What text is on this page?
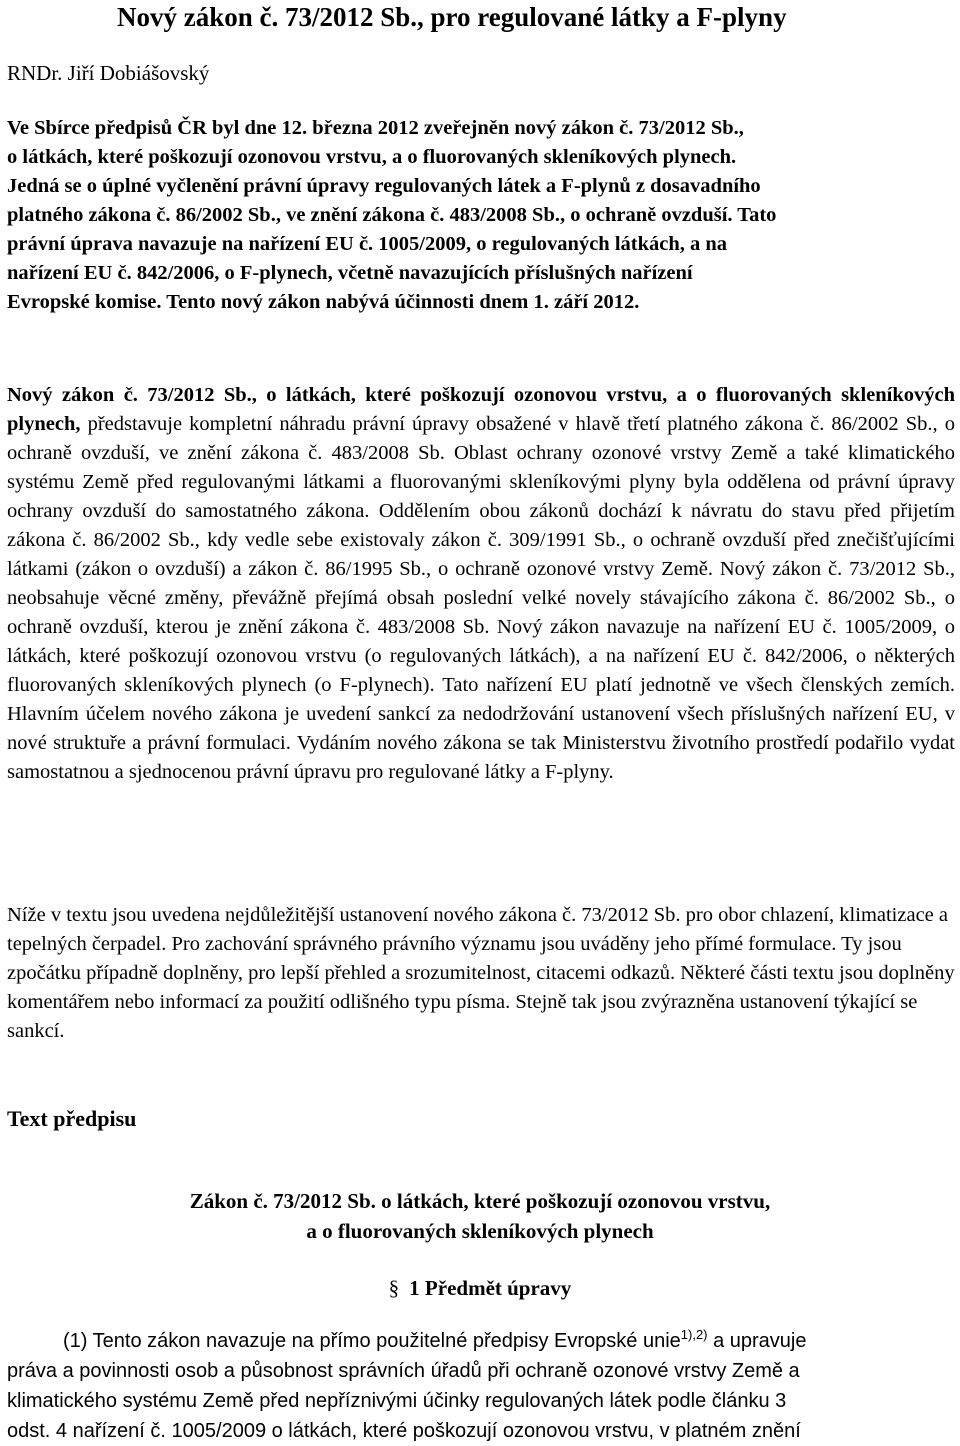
Nový zákon č. 73/2012 Sb., pro regulované látky a F-plyny
RNDr. Jiří Dobiášovský
Ve Sbírce předpisů ČR byl dne 12. března 2012 zveřejněn nový zákon č. 73/2012 Sb.,
o látkách, které poškozují ozonovou vrstvu, a o fluorovaných skleníkových plynech.
Jedná se o úplné vyčlenění právní úpravy regulovaných látek a F-plynů z dosavadního
platného zákona č. 86/2002 Sb., ve znění zákona č. 483/2008 Sb., o ochraně ovzduší. Tato
právní úprava navazuje na nařízení EU č. 1005/2009, o regulovaných látkách, a na
nařízení EU č. 842/2006, o F-plynech, včetně navazujících příslušných nařízení
Evropské komise. Tento nový zákon nabývá účinnosti dnem 1. září 2012.
Nový zákon č. 73/2012 Sb., o látkách, které poškozují ozonovou vrstvu, a o fluorovaných skleníkových plynech, představuje kompletní náhradu právní úpravy obsažené v hlavě třetí platného zákona č. 86/2002 Sb., o ochraně ovzduší, ve znění zákona č. 483/2008 Sb. Oblast ochrany ozonové vrstvy Země a také klimatického systému Země před regulovanými látkami a fluorovanými skleníkovými plyny byla oddělena od právní úpravy ochrany ovzduší do samostatného zákona. Oddělením obou zákonů dochází k návratu do stavu před přijetím zákona č. 86/2002 Sb., kdy vedle sebe existovaly zákon č. 309/1991 Sb., o ochraně ovzduší před znečišťujícími látkami (zákon o ovzduší) a zákon č. 86/1995 Sb., o ochraně ozonové vrstvy Země. Nový zákon č. 73/2012 Sb., neobsahuje věcné změny, převážně přejímá obsah poslední velké novely stávajícího zákona č. 86/2002 Sb., o ochraně ovzduší, kterou je znění zákona č. 483/2008 Sb. Nový zákon navazuje na nařízení EU č. 1005/2009, o látkách, které poškozují ozonovou vrstvu (o regulovaných látkách), a na nařízení EU č. 842/2006, o některých fluorovaných skleníkových plynech (o F-plynech). Tato nařízení EU platí jednotně ve všech členských zemích. Hlavním účelem nového zákona je uvedení sankcí za nedodržování ustanovení všech příslušných nařízení EU, v nové struktuře a právní formulaci. Vydáním nového zákona se tak Ministerstvu životního prostředí podařilo vydat samostatnou a sjednocenou právní úpravu pro regulované látky a F-plyny.
Níže v textu jsou uvedena nejdůležitější ustanovení nového zákona č. 73/2012 Sb. pro obor chlazení, klimatizace a tepelných čerpadel. Pro zachování správného právního významu jsou uváděny jeho přímé formulace. Ty jsou zpočátku případně doplněny, pro lepší přehled a srozumitelnost, citacemi odkazů. Některé části textu jsou doplněny komentářem nebo informací za použití odlišného typu písma. Stejně tak jsou zvýrazněna ustanovení týkající se sankcí.
Text předpisu
Zákon č. 73/2012 Sb. o látkách, které poškozují ozonovou vrstvu,
a o fluorovaných skleníkových plynech
§ 1 Předmět úpravy
(1) Tento zákon navazuje na přímo použitelné předpisy Evropské unie$^{1),2)}$ a upravuje
práva a povinnosti osob a působnost správních úřadů při ochraně ozonové vrstvy Země a
klimatického systému Země před nepříznivými účinky regulovaných látek podle článku 3
odst. 4 nařízení č. 1005/2009 o látkách, které poškozují ozonovou vrstvu, v platném znění
